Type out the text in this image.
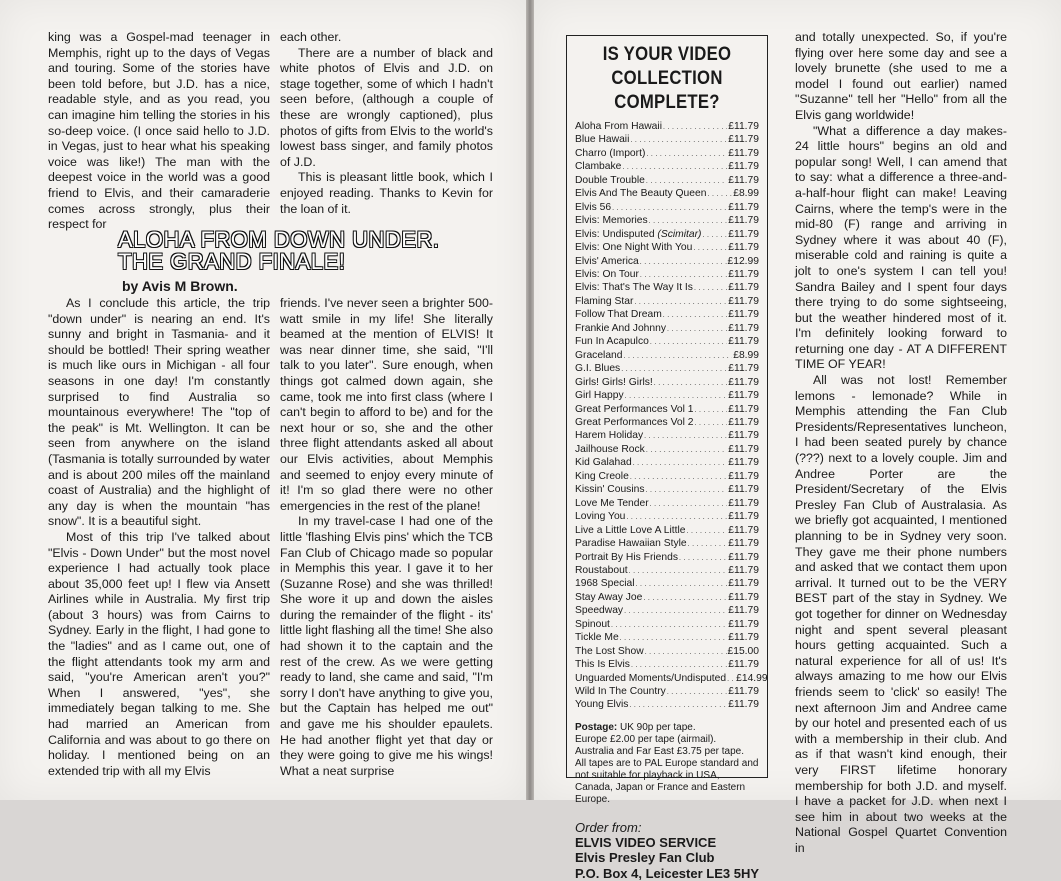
king was a Gospel-mad teenager in Memphis, right up to the days of Vegas and touring. Some of the stories have been told before, but J.D. has a nice, readable style, and as you read, you can imagine him telling the stories in his so-deep voice. (I once said hello to J.D. in Vegas, just to hear what his speaking voice was like!) The man with the deepest voice in the world was a good friend to Elvis, and their camaraderie comes across strongly, plus their respect for

each other.

There are a number of black and white photos of Elvis and J.D. on stage together, some of which I hadn't seen before, (although a couple of these are wrongly captioned), plus photos of gifts from Elvis to the world's lowest bass singer, and family photos of J.D.

This is pleasant little book, which I enjoyed reading. Thanks to Kevin for the loan of it.

ALOHA FROM DOWN UNDER. THE GRAND FINALE!
by Avis M Brown.

As I conclude this article, the trip "down under" is nearing an end. It's sunny and bright in Tasmania- and it should be bottled! Their spring weather is much like ours in Michigan - all four seasons in one day! I'm constantly surprised to find Australia so mountainous everywhere! The "top of the peak" is Mt. Wellington. It can be seen from anywhere on the island (Tasmania is totally surrounded by water and is about 200 miles off the mainland coast of Australia) and the highlight of any day is when the mountain "has snow". It is a beautiful sight.

Most of this trip I've talked about "Elvis - Down Under" but the most novel experience I had actually took place about 35,000 feet up! I flew via Ansett Airlines while in Australia. My first trip (about 3 hours) was from Cairns to Sydney. Early in the flight, I had gone to the "ladies" and as I came out, one of the flight attendants took my arm and said, "you're American aren't you?" When I answered, "yes", she immediately began talking to me. She had married an American from California and was about to go there on holiday. I mentioned being on an extended trip with all my Elvis

friends. I've never seen a brighter 500-watt smile in my life! She literally beamed at the mention of ELVIS! It was near dinner time, she said, "I'll talk to you later". Sure enough, when things got calmed down again, she came, took me into first class (where I can't begin to afford to be) and for the next hour or so, she and the other three flight attendants asked all about our Elvis activities, about Memphis and seemed to enjoy every minute of it! I'm so glad there were no other emergencies in the rest of the plane!

In my travel-case I had one of the little 'flashing Elvis pins' which the TCB Fan Club of Chicago made so popular in Memphis this year. I gave it to her (Suzanne Rose) and she was thrilled! She wore it up and down the aisles during the remainder of the flight - its' little light flashing all the time! She also had shown it to the captain and the rest of the crew. As we were getting ready to land, she came and said, "I'm sorry I don't have anything to give you, but the Captain has helped me out" and gave me his shoulder epaulets. He had another flight yet that day or they were going to give me his wings! What a neat surprise

IS YOUR VIDEO
COLLECTION COMPLETE?
Aloha From Hawaii . . .	£11.79
Blue Hawaii . . .	£11.79
Charro (Import) . . .	£11.79
Clambake . . .	£11.79
Double Trouble . . .	£11.79
Elvis And The Beauty Queen . . .	£8.99
Elvis 56 . . .	£11.79
Elvis: Memories . . .	£11.79
Elvis: Undisputed (Scimitar) . . .	£11.79
Elvis: One Night With You . . .	£11.79
Elvis' America . . .	£12.99
Elvis: On Tour . . .	£11.79
Elvis: That's The Way It Is . . .	£11.79
Flaming Star . . .	£11.79
Follow That Dream . . .	£11.79
Frankie And Johnny . . .	£11.79
Fun In Acapulco . . .	£11.79
Graceland . . .	£8.99
G.I. Blues . . .	£11.79
Girls! Girls! Girls! . . .	£11.79
Girl Happy . . .	£11.79
Great Performances Vol 1 . . .	£11.79
Great Performances Vol 2 . . .	£11.79
Harem Holiday . . .	£11.79
Jailhouse Rock . . .	£11.79
Kid Galahad . . .	£11.79
King Creole . . .	£11.79
Kissin' Cousins . . .	£11.79
Love Me Tender . . .	£11.79
Loving You . . .	£11.79
Live a Little Love A Little . . .	£11.79
Paradise Hawaiian Style . . .	£11.79
Portrait By His Friends . . .	£11.79
Roustabout . . .	£11.79
1968 Special . . .	£11.79
Stay Away Joe . . .	£11.79
Speedway . . .	£11.79
Spinout . . .	£11.79
Tickle Me . . .	£11.79
The Lost Show . . .	£15.00
This Is Elvis . . .	£11.79
Unguarded Moments/Undisputed . . . £14.99
Wild In The Country . . .	£11.79
Young Elvis . . .	£11.79

Postage: UK 90p per tape.

Europe £2.00 per tape (airmail).

Australia and Far East £3.75 per tape.

All tapes are to PAL Europe standard and not suitable for playback in USA, Canada, Japan or France and Eastern Europe.

Order from:

ELVIS VIDEO SERVICE

Elvis Presley Fan Club

P.O. Box 4, Leicester LE3 5HY

and totally unexpected. So, if you're flying over here some day and see a lovely brunette (she used to me a model I found out earlier) named "Suzanne" tell her "Hello" from all the Elvis gang worldwide!

"What a difference a day makes- 24 little hours" begins an old and popular song! Well, I can amend that to say: what a difference a three-and-a-half-hour flight can make! Leaving Cairns, where the temp's were in the mid-80 (F) range and arriving in Sydney where it was about 40 (F), miserable cold and raining is quite a jolt to one's system I can tell you! Sandra Bailey and I spent four days there trying to do some sightseeing, but the weather hindered most of it. I'm definitely looking forward to returning one day - AT A DIFFERENT TIME OF YEAR!

All was not lost! Remember lemons - lemonade? While in Memphis attending the Fan Club Presidents/Representatives luncheon, I had been seated purely by chance (???) next to a lovely couple. Jim and Andree Porter are the President/Secretary of the Elvis Presley Fan Club of Australasia. As we briefly got acquainted, I mentioned planning to be in Sydney very soon. They gave me their phone numbers and asked that we contact them upon arrival. It turned out to be the VERY BEST part of the stay in Sydney. We got together for dinner on Wednesday night and spent several pleasant hours getting acquainted. Such a natural experience for all of us! It's always amazing to me how our Elvis friends seem to 'click' so easily! The next afternoon Jim and Andree came by our hotel and presented each of us with a membership in their club. And as if that wasn't kind enough, their very FIRST lifetime honorary membership for both J.D. and myself. I have a packet for J.D. when next I see him in about two weeks at the National Gospel Quartet Convention in
